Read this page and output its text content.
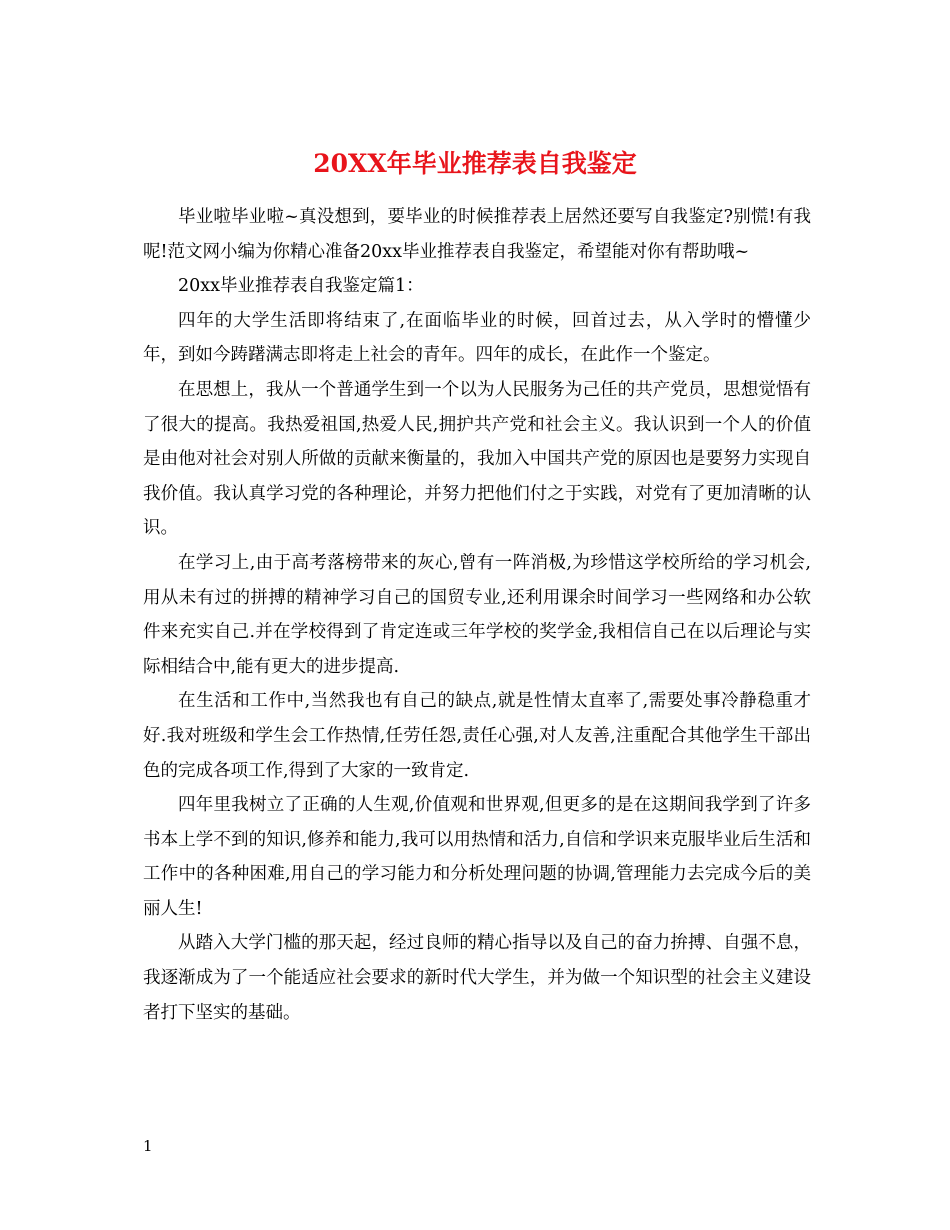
20XX年毕业推荐表自我鉴定

毕业啦毕业啦~真没想到，要毕业的时候推荐表上居然还要写自我鉴定?别慌!有我呢!范文网小编为你精心准备20xx毕业推荐表自我鉴定，希望能对你有帮助哦~

20xx毕业推荐表自我鉴定篇1：

四年的大学生活即将结束了,在面临毕业的时候，回首过去，从入学时的懵懂少年，到如今踌躇满志即将走上社会的青年。四年的成长，在此作一个鉴定。

在思想上，我从一个普通学生到一个以为人民服务为己任的共产党员，思想觉悟有了很大的提高。我热爱祖国,热爱人民,拥护共产党和社会主义。我认识到一个人的价值是由他对社会对别人所做的贡献来衡量的，我加入中国共产党的原因也是要努力实现自我价值。我认真学习党的各种理论，并努力把他们付之于实践，对党有了更加清晰的认识。

在学习上,由于高考落榜带来的灰心,曾有一阵消极,为珍惜这学校所给的学习机会,用从未有过的拼搏的精神学习自己的国贸专业,还利用课余时间学习一些网络和办公软件来充实自己.并在学校得到了肯定连或三年学校的奖学金,我相信自己在以后理论与实际相结合中,能有更大的进步提高.

在生活和工作中,当然我也有自己的缺点,就是性情太直率了,需要处事冷静稳重才好.我对班级和学生会工作热情,任劳任怨,责任心强,对人友善,注重配合其他学生干部出色的完成各项工作,得到了大家的一致肯定.

四年里我树立了正确的人生观,价值观和世界观,但更多的是在这期间我学到了许多书本上学不到的知识,修养和能力,我可以用热情和活力,自信和学识来克服毕业后生活和工作中的各种困难,用自己的学习能力和分析处理问题的协调,管理能力去完成今后的美丽人生!

从踏入大学门槛的那天起，经过良师的精心指导以及自己的奋力拚搏、自强不息，我逐渐成为了一个能适应社会要求的新时代大学生，并为做一个知识型的社会主义建设者打下坚实的基础。

1
